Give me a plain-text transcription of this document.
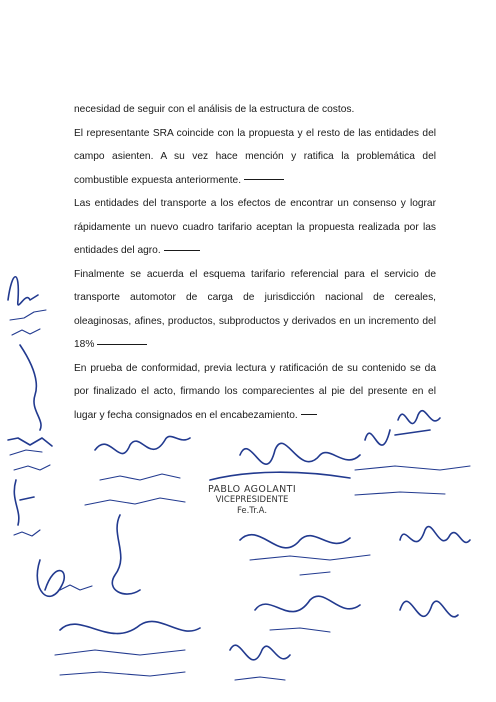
necesidad de seguir con el análisis de la estructura de costos.

El representante SRA coincide con la propuesta y el resto de las entidades del campo asienten. A su vez hace mención y ratifica la problemática del combustible expuesta anteriormente.

Las entidades del transporte a los efectos de encontrar un consenso y lograr rápidamente un nuevo cuadro tarifario aceptan la propuesta realizada por las entidades del agro.

Finalmente se acuerda el esquema tarifario referencial para el servicio de transporte automotor de carga de jurisdicción nacional de cereales, oleaginosas, afines, productos, subproductos y derivados en un incremento del 18%

En prueba de conformidad, previa lectura y ratificación de su contenido se da por finalizado el acto, firmando los comparecientes al pie del presente en el lugar y fecha consignados en el encabezamiento.

PABLO AGOLANTI
VICEPRESIDENTE
Fe.Tr.A.
